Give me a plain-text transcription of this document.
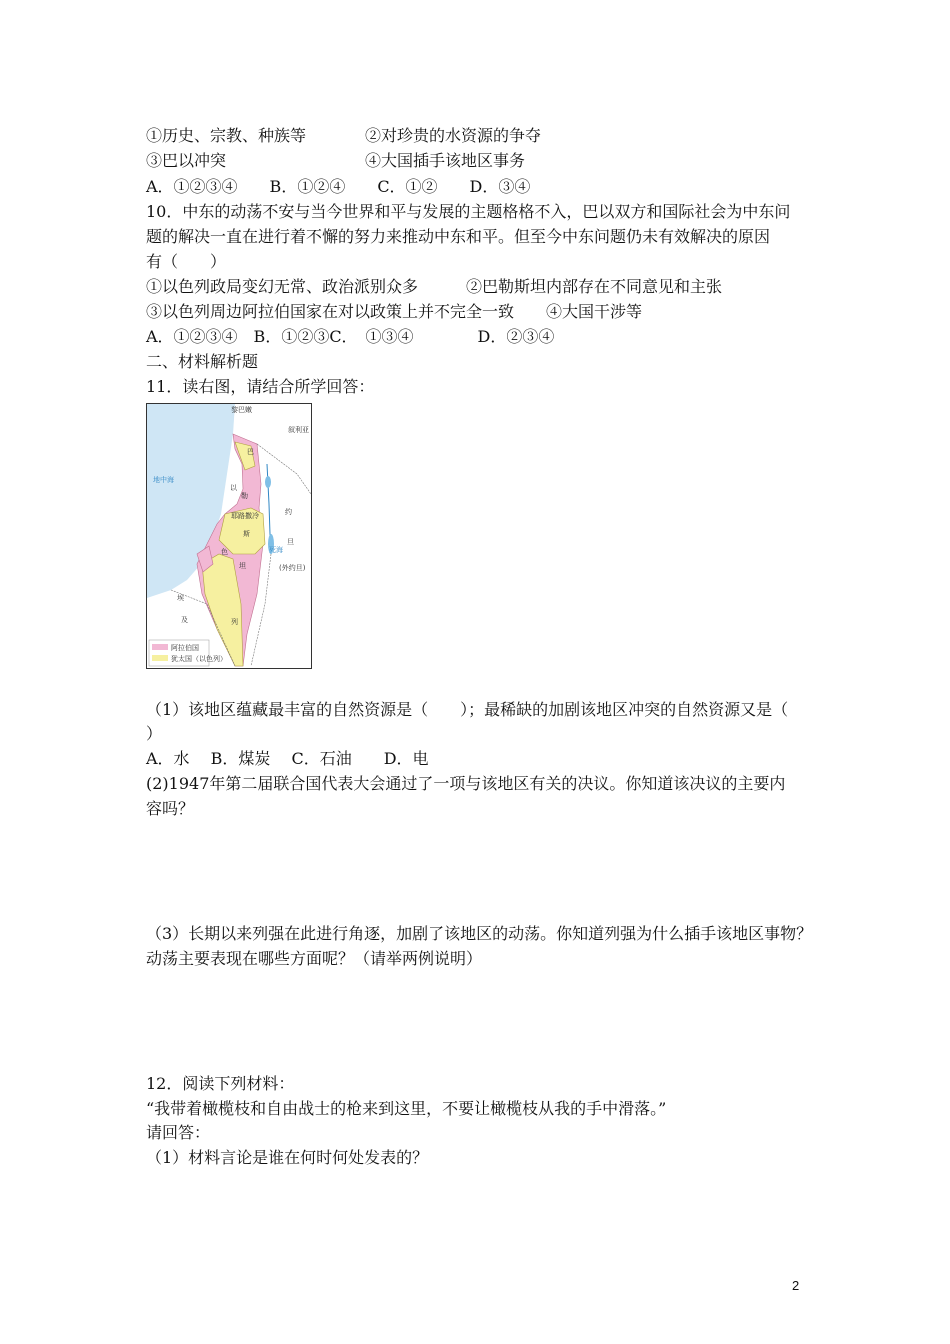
①历史、宗教、种族等	②对珍贵的水资源的争夺
③巴以冲突	④大国插手该地区事务
A．①②③④　　B．①②④　　C．①②　　D．③④
10．中东的动荡不安与当今世界和平与发展的主题格格不入，巴以双方和国际社会为中东问
题的解决一直在进行着不懈的努力来推动中东和平。但至今中东问题仍未有效解决的原因
有（　　）
①以色列政局变幻无常、政治派别众多　　　②巴勒斯坦内部存在不同意见和主张
③以色列周边阿拉伯国家在对以政策上并不完全一致　　④大国干涉等
A．①②③④　B．①②③C．　①③④　　　　D．②③④
二、材料解析题
11．读右图，请结合所学回答：
黎巴嫩
叙利亚
地中海
巴
以
勒
耶路撒冷
斯
色
坦
约
旦
(外约旦)
死海
埃
及	列
阿拉伯国
犹太国（以色列）
（1）该地区蕴藏最丰富的自然资源是（　　）；最稀缺的加剧该地区冲突的自然资源又是（
）
A．水　 B．煤炭　 C．石油　　D．电
(2)1947年第二届联合国代表大会通过了一项与该地区有关的决议。你知道该决议的主要内
容吗？
（3）长期以来列强在此进行角逐，加剧了该地区的动荡。你知道列强为什么插手该地区事物？
动荡主要表现在哪些方面呢？（请举两例说明）
12．阅读下列材料：
“我带着橄榄枝和自由战士的枪来到这里，不要让橄榄枝从我的手中滑落。”
请回答：
（1）材料言论是谁在何时何处发表的？
2
